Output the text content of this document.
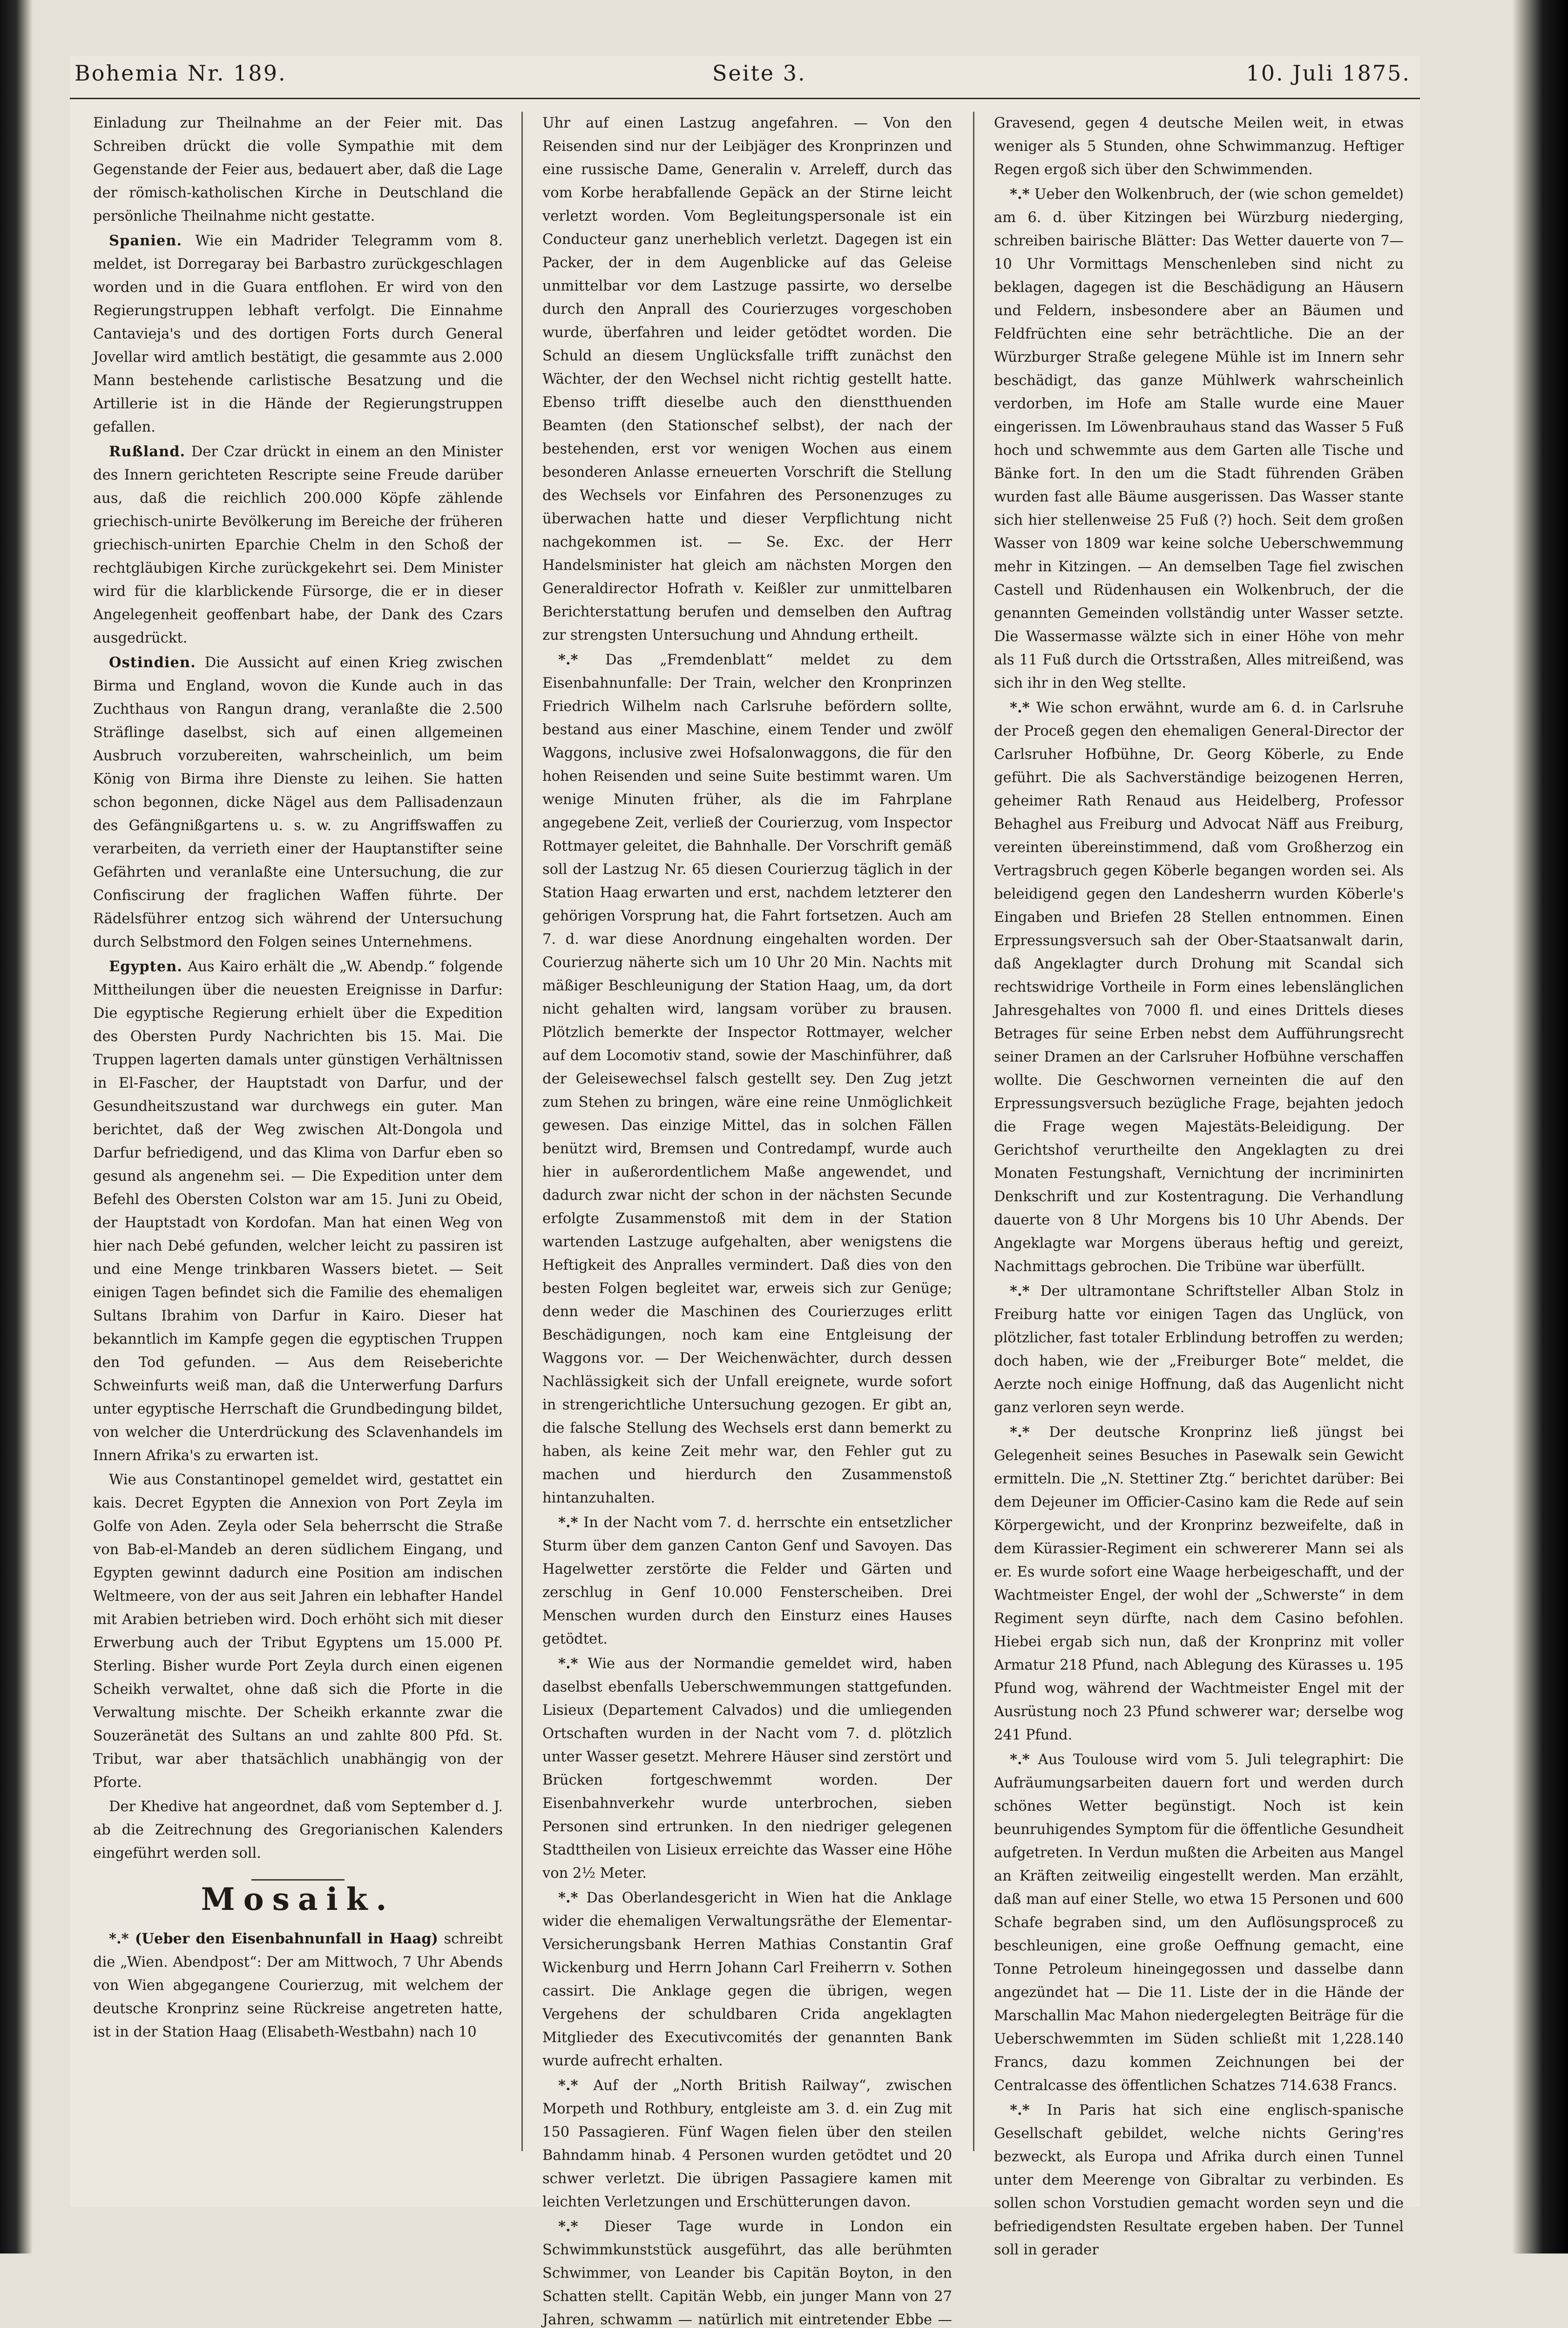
Bohemia Nr. 189.	Seite 3.	10. Juli 1875.

Einladung zur Theilnahme an der Feier mit. Das Schreiben drückt die volle Sympathie mit dem Gegenstande der Feier aus, bedauert aber, daß die Lage der römisch-katholischen Kirche in Deutschland die persönliche Theilnahme nicht gestatte.

Spanien. Wie ein Madrider Telegramm vom 8. meldet, ist Dorregaray bei Barbastro zurückgeschlagen worden und in die Guara entflohen. Er wird von den Regierungstruppen lebhaft verfolgt. Die Einnahme Cantavieja's und des dortigen Forts durch General Jovellar wird amtlich bestätigt, die gesammte aus 2.000 Mann bestehende carlistische Besatzung und die Artillerie ist in die Hände der Regierungstruppen gefallen.

Rußland. Der Czar drückt in einem an den Minister des Innern gerichteten Rescripte seine Freude darüber aus, daß die reichlich 200.000 Köpfe zählende griechisch-unirte Bevölkerung im Bereiche der früheren griechisch-unirten Eparchie Chelm in den Schoß der rechtgläubigen Kirche zurückgekehrt sei. Dem Minister wird für die klarblickende Fürsorge, die er in dieser Angelegenheit geoffenbart habe, der Dank des Czars ausgedrückt.

Ostindien. Die Aussicht auf einen Krieg zwischen Birma und England, wovon die Kunde auch in das Zuchthaus von Rangun drang, veranlaßte die 2.500 Sträflinge daselbst, sich auf einen allgemeinen Ausbruch vorzubereiten, wahrscheinlich, um beim König von Birma ihre Dienste zu leihen. Sie hatten schon begonnen, dicke Nägel aus dem Pallisadenzaun des Gefängnißgartens u. s. w. zu Angriffswaffen zu verarbeiten, da verrieth einer der Hauptanstifter seine Gefährten und veranlaßte eine Untersuchung, die zur Confiscirung der fraglichen Waffen führte. Der Rädelsführer entzog sich während der Untersuchung durch Selbstmord den Folgen seines Unternehmens.

Egypten. Aus Kairo erhält die „W. Abendp.“ folgende Mittheilungen über die neuesten Ereignisse in Darfur: Die egyptische Regierung erhielt über die Expedition des Obersten Purdy Nachrichten bis 15. Mai. Die Truppen lagerten damals unter günstigen Verhältnissen in El-Fascher, der Hauptstadt von Darfur, und der Gesundheitszustand war durchwegs ein guter. Man berichtet, daß der Weg zwischen Alt-Dongola und Darfur befriedigend, und das Klima von Darfur eben so gesund als angenehm sei. — Die Expedition unter dem Befehl des Obersten Colston war am 15. Juni zu Obeid, der Hauptstadt von Kordofan. Man hat einen Weg von hier nach Debé gefunden, welcher leicht zu passiren ist und eine Menge trinkbaren Wassers bietet. — Seit einigen Tagen befindet sich die Familie des ehemaligen Sultans Ibrahim von Darfur in Kairo. Dieser hat bekanntlich im Kampfe gegen die egyptischen Truppen den Tod gefunden. — Aus dem Reiseberichte Schweinfurts weiß man, daß die Unterwerfung Darfurs unter egyptische Herrschaft die Grundbedingung bildet, von welcher die Unterdrückung des Sclavenhandels im Innern Afrika's zu erwarten ist.

Wie aus Constantinopel gemeldet wird, gestattet ein kais. Decret Egypten die Annexion von Port Zeyla im Golfe von Aden. Zeyla oder Sela beherrscht die Straße von Bab-el-Mandeb an deren südlichem Eingang, und Egypten gewinnt dadurch eine Position am indischen Weltmeere, von der aus seit Jahren ein lebhafter Handel mit Arabien betrieben wird. Doch erhöht sich mit dieser Erwerbung auch der Tribut Egyptens um 15.000 Pf. Sterling. Bisher wurde Port Zeyla durch einen eigenen Scheikh verwaltet, ohne daß sich die Pforte in die Verwaltung mischte. Der Scheikh erkannte zwar die Souzeränetät des Sultans an und zahlte 800 Pfd. St. Tribut, war aber thatsächlich unabhängig von der Pforte.

Der Khedive hat angeordnet, daß vom September d. J. ab die Zeitrechnung des Gregorianischen Kalenders eingeführt werden soll.

Mosaik.

*.* (Ueber den Eisenbahnunfall in Haag) schreibt die „Wien. Abendpost“: Der am Mittwoch, 7 Uhr Abends von Wien abgegangene Courierzug, mit welchem der deutsche Kronprinz seine Rückreise angetreten hatte, ist in der Station Haag (Elisabeth-Westbahn) nach 10

Uhr auf einen Lastzug angefahren. — Von den Reisenden sind nur der Leibjäger des Kronprinzen und eine russische Dame, Generalin v. Arreleff, durch das vom Korbe herabfallende Gepäck an der Stirne leicht verletzt worden. Vom Begleitungspersonale ist ein Conducteur ganz unerheblich verletzt. Dagegen ist ein Packer, der in dem Augenblicke auf das Geleise unmittelbar vor dem Lastzuge passirte, wo derselbe durch den Anprall des Courierzuges vorgeschoben wurde, überfahren und leider getödtet worden. Die Schuld an diesem Unglücksfalle trifft zunächst den Wächter, der den Wechsel nicht richtig gestellt hatte. Ebenso trifft dieselbe auch den dienstthuenden Beamten (den Stationschef selbst), der nach der bestehenden, erst vor wenigen Wochen aus einem besonderen Anlasse erneuerten Vorschrift die Stellung des Wechsels vor Einfahren des Personenzuges zu überwachen hatte und dieser Verpflichtung nicht nachgekommen ist. — Se. Exc. der Herr Handelsminister hat gleich am nächsten Morgen den Generaldirector Hofrath v. Keißler zur unmittelbaren Berichterstattung berufen und demselben den Auftrag zur strengsten Untersuchung und Ahndung ertheilt.

*.* Das „Fremdenblatt“ meldet zu dem Eisenbahnunfalle: Der Train, welcher den Kronprinzen Friedrich Wilhelm nach Carlsruhe befördern sollte, bestand aus einer Maschine, einem Tender und zwölf Waggons, inclusive zwei Hofsalonwaggons, die für den hohen Reisenden und seine Suite bestimmt waren. Um wenige Minuten früher, als die im Fahrplane angegebene Zeit, verließ der Courierzug, vom Inspector Rottmayer geleitet, die Bahnhalle. Der Vorschrift gemäß soll der Lastzug Nr. 65 diesen Courierzug täglich in der Station Haag erwarten und erst, nachdem letzterer den gehörigen Vorsprung hat, die Fahrt fortsetzen. Auch am 7. d. war diese Anordnung eingehalten worden. Der Courierzug näherte sich um 10 Uhr 20 Min. Nachts mit mäßiger Beschleunigung der Station Haag, um, da dort nicht gehalten wird, langsam vorüber zu brausen. Plötzlich bemerkte der Inspector Rottmayer, welcher auf dem Locomotiv stand, sowie der Maschinführer, daß der Geleisewechsel falsch gestellt sey. Den Zug jetzt zum Stehen zu bringen, wäre eine reine Unmöglichkeit gewesen. Das einzige Mittel, das in solchen Fällen benützt wird, Bremsen und Contredampf, wurde auch hier in außerordentlichem Maße angewendet, und dadurch zwar nicht der schon in der nächsten Secunde erfolgte Zusammenstoß mit dem in der Station wartenden Lastzuge aufgehalten, aber wenigstens die Heftigkeit des Anpralles vermindert. Daß dies von den besten Folgen begleitet war, erweis sich zur Genüge; denn weder die Maschinen des Courierzuges erlitt Beschädigungen, noch kam eine Entgleisung der Waggons vor. — Der Weichenwächter, durch dessen Nachlässigkeit sich der Unfall ereignete, wurde sofort in strengerichtliche Untersuchung gezogen. Er gibt an, die falsche Stellung des Wechsels erst dann bemerkt zu haben, als keine Zeit mehr war, den Fehler gut zu machen und hierdurch den Zusammenstoß hintanzuhalten.

*.* In der Nacht vom 7. d. herrschte ein entsetzlicher Sturm über dem ganzen Canton Genf und Savoyen. Das Hagelwetter zerstörte die Felder und Gärten und zerschlug in Genf 10.000 Fensterscheiben. Drei Menschen wurden durch den Einsturz eines Hauses getödtet.

*.* Wie aus der Normandie gemeldet wird, haben daselbst ebenfalls Ueberschwemmungen stattgefunden. Lisieux (Departement Calvados) und die umliegenden Ortschaften wurden in der Nacht vom 7. d. plötzlich unter Wasser gesetzt. Mehrere Häuser sind zerstört und Brücken fortgeschwemmt worden. Der Eisenbahnverkehr wurde unterbrochen, sieben Personen sind ertrunken. In den niedriger gelegenen Stadttheilen von Lisieux erreichte das Wasser eine Höhe von 2½ Meter.

*.* Das Oberlandesgericht in Wien hat die Anklage wider die ehemaligen Verwaltungsräthe der Elementar-Versicherungsbank Herren Mathias Constantin Graf Wickenburg und Herrn Johann Carl Freiherrn v. Sothen cassirt. Die Anklage gegen die übrigen, wegen Vergehens der schuldbaren Crida angeklagten Mitglieder des Executivcomités der genannten Bank wurde aufrecht erhalten.

*.* Auf der „North British Railway“, zwischen Morpeth und Rothbury, entgleiste am 3. d. ein Zug mit 150 Passagieren. Fünf Wagen fielen über den steilen Bahndamm hinab. 4 Personen wurden getödtet und 20 schwer verletzt. Die übrigen Passagiere kamen mit leichten Verletzungen und Erschütterungen davon.

*.* Dieser Tage wurde in London ein Schwimmkunststück ausgeführt, das alle berühmten Schwimmer, von Leander bis Capitän Boyton, in den Schatten stellt. Capitän Webb, ein junger Mann von 27 Jahren, schwamm — natürlich mit eintretender Ebbe —

Gravesend, gegen 4 deutsche Meilen weit, in etwas weniger als 5 Stunden, ohne Schwimmanzug. Heftiger Regen ergoß sich über den Schwimmenden.

*.* Ueber den Wolkenbruch, der (wie schon gemeldet) am 6. d. über Kitzingen bei Würzburg niederging, schreiben bairische Blätter: Das Wetter dauerte von 7—10 Uhr Vormittags Menschenleben sind nicht zu beklagen, dagegen ist die Beschädigung an Häusern und Feldern, insbesondere aber an Bäumen und Feldfrüchten eine sehr beträchtliche. Die an der Würzburger Straße gelegene Mühle ist im Innern sehr beschädigt, das ganze Mühlwerk wahrscheinlich verdorben, im Hofe am Stalle wurde eine Mauer eingerissen. Im Löwenbrauhaus stand das Wasser 5 Fuß hoch und schwemmte aus dem Garten alle Tische und Bänke fort. In den um die Stadt führenden Gräben wurden fast alle Bäume ausgerissen. Das Wasser stante sich hier stellenweise 25 Fuß (?) hoch. Seit dem großen Wasser von 1809 war keine solche Ueberschwemmung mehr in Kitzingen. — An demselben Tage fiel zwischen Castell und Rüdenhausen ein Wolkenbruch, der die genannten Gemeinden vollständig unter Wasser setzte. Die Wassermasse wälzte sich in einer Höhe von mehr als 11 Fuß durch die Ortsstraßen, Alles mitreißend, was sich ihr in den Weg stellte.

*.* Wie schon erwähnt, wurde am 6. d. in Carlsruhe der Proceß gegen den ehemaligen General-Director der Carlsruher Hofbühne, Dr. Georg Köberle, zu Ende geführt. Die als Sachverständige beizogenen Herren, geheimer Rath Renaud aus Heidelberg, Professor Behaghel aus Freiburg und Advocat Näff aus Freiburg, vereinten übereinstimmend, daß vom Großherzog ein Vertragsbruch gegen Köberle begangen worden sei. Als beleidigend gegen den Landesherrn wurden Köberle's Eingaben und Briefen 28 Stellen entnommen. Einen Erpressungsversuch sah der Ober-Staatsanwalt darin, daß Angeklagter durch Drohung mit Scandal sich rechtswidrige Vortheile in Form eines lebenslänglichen Jahresgehaltes von 7000 fl. und eines Drittels dieses Betrages für seine Erben nebst dem Aufführungsrecht seiner Dramen an der Carlsruher Hofbühne verschaffen wollte. Die Geschwornen verneinten die auf den Erpressungsversuch bezügliche Frage, bejahten jedoch die Frage wegen Majestäts-Beleidigung. Der Gerichtshof verurtheilte den Angeklagten zu drei Monaten Festungshaft, Vernichtung der incriminirten Denkschrift und zur Kostentragung. Die Verhandlung dauerte von 8 Uhr Morgens bis 10 Uhr Abends. Der Angeklagte war Morgens überaus heftig und gereizt, Nachmittags gebrochen. Die Tribüne war überfüllt.

*.* Der ultramontane Schriftsteller Alban Stolz in Freiburg hatte vor einigen Tagen das Unglück, von plötzlicher, fast totaler Erblindung betroffen zu werden; doch haben, wie der „Freiburger Bote“ meldet, die Aerzte noch einige Hoffnung, daß das Augenlicht nicht ganz verloren seyn werde.

*.* Der deutsche Kronprinz ließ jüngst bei Gelegenheit seines Besuches in Pasewalk sein Gewicht ermitteln. Die „N. Stettiner Ztg.“ berichtet darüber: Bei dem Dejeuner im Officier-Casino kam die Rede auf sein Körpergewicht, und der Kronprinz bezweifelte, daß in dem Kürassier-Regiment ein schwererer Mann sei als er. Es wurde sofort eine Waage herbeigeschafft, und der Wachtmeister Engel, der wohl der „Schwerste“ in dem Regiment seyn dürfte, nach dem Casino befohlen. Hiebei ergab sich nun, daß der Kronprinz mit voller Armatur 218 Pfund, nach Ablegung des Kürasses u. 195 Pfund wog, während der Wachtmeister Engel mit der Ausrüstung noch 23 Pfund schwerer war; derselbe wog 241 Pfund.

*.* Aus Toulouse wird vom 5. Juli telegraphirt: Die Aufräumungsarbeiten dauern fort und werden durch schönes Wetter begünstigt. Noch ist kein beunruhigendes Symptom für die öffentliche Gesundheit aufgetreten. In Verdun mußten die Arbeiten aus Mangel an Kräften zeitweilig eingestellt werden. Man erzählt, daß man auf einer Stelle, wo etwa 15 Personen und 600 Schafe begraben sind, um den Auflösungsproceß zu beschleunigen, eine große Oeffnung gemacht, eine Tonne Petroleum hineingegossen und dasselbe dann angezündet hat — Die 11. Liste der in die Hände der Marschallin Mac Mahon niedergelegten Beiträge für die Ueberschwemmten im Süden schließt mit 1,228.140 Francs, dazu kommen Zeichnungen bei der Centralcasse des öffentlichen Schatzes 714.638 Francs.

*.* In Paris hat sich eine englisch-spanische Gesellschaft gebildet, welche nichts Gering'res bezweckt, als Europa und Afrika durch einen Tunnel unter dem Meerenge von Gibraltar zu verbinden. Es sollen schon Vorstudien gemacht worden seyn und die befriedigendsten Resultate ergeben haben. Der Tunnel soll in gerader
